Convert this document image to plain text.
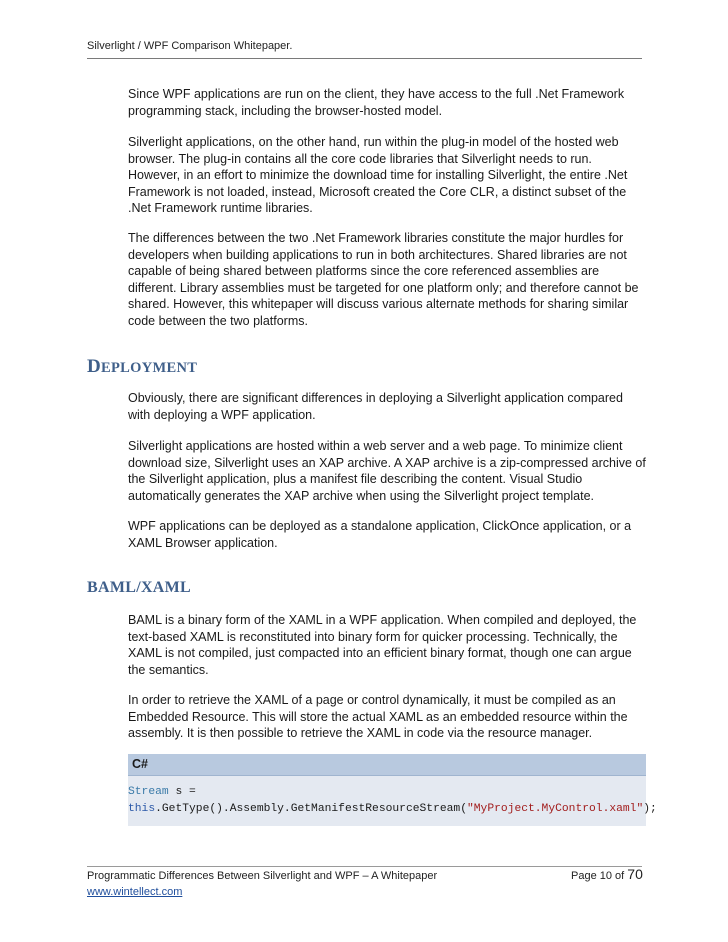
Silverlight / WPF Comparison Whitepaper.

Since WPF applications are run on the client, they have access to the full .Net Framework programming stack, including the browser-hosted model.

Silverlight applications, on the other hand, run within the plug-in model of the hosted web browser. The plug-in contains all the core code libraries that Silverlight needs to run. However, in an effort to minimize the download time for installing Silverlight, the entire .Net Framework is not loaded, instead, Microsoft created the Core CLR, a distinct subset of the .Net Framework runtime libraries.

The differences between the two .Net Framework libraries constitute the major hurdles for developers when building applications to run in both architectures. Shared libraries are not capable of being shared between platforms since the core referenced assemblies are different. Library assemblies must be targeted for one platform only; and therefore cannot be shared. However, this whitepaper will discuss various alternate methods for sharing similar code between the two platforms.

DEPLOYMENT

Obviously, there are significant differences in deploying a Silverlight application compared with deploying a WPF application.

Silverlight applications are hosted within a web server and a web page. To minimize client download size, Silverlight uses an XAP archive. A XAP archive is a zip-compressed archive of the Silverlight application, plus a manifest file describing the content. Visual Studio automatically generates the XAP archive when using the Silverlight project template.

WPF applications can be deployed as a standalone application, ClickOnce application, or a XAML Browser application.

BAML/XAML

BAML is a binary form of the XAML in a WPF application. When compiled and deployed, the text-based XAML is reconstituted into binary form for quicker processing. Technically, the XAML is not compiled, just compacted into an efficient binary format, though one can argue the semantics.

In order to retrieve the XAML of a page or control dynamically, it must be compiled as an Embedded Resource. This will store the actual XAML as an embedded resource within the assembly. It is then possible to retrieve the XAML in code via the resource manager.

C#
Stream s =
this.GetType().Assembly.GetManifestResourceStream("MyProject.MyControl.xaml");
Programmatic Differences Between Silverlight and WPF – A Whitepaper	Page 10 of 70
www.wintellect.com
